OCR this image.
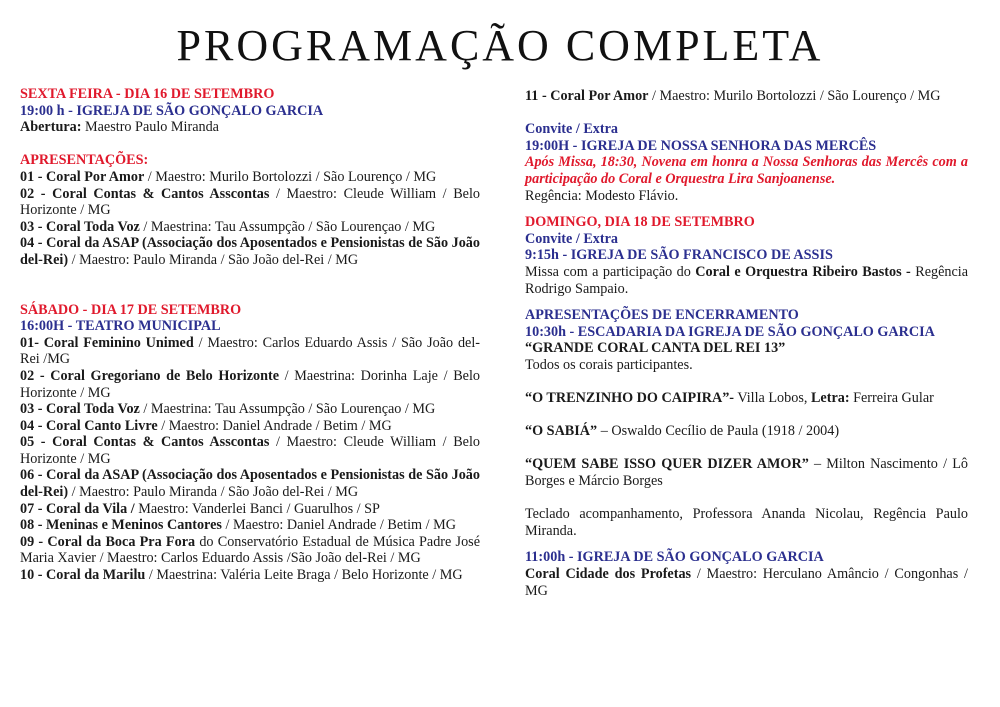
PROGRAMAÇÃO COMPLETA
SEXTA FEIRA - DIA 16 DE SETEMBRO
19:00 h - IGREJA DE SÃO GONÇALO GARCIA
Abertura: Maestro Paulo Miranda
APRESENTAÇÕES:
01 - Coral Por Amor / Maestro: Murilo Bortolozzi / São Lourenço / MG
02 - Coral Contas & Cantos Asscontas / Maestro: Cleude William / Belo Horizonte / MG
03 - Coral Toda Voz / Maestrina: Tau Assumpção / São Lourençao / MG
04 - Coral da ASAP (Associação dos Aposentados e Pensionistas de São João del-Rei) / Maestro: Paulo Miranda / São João del-Rei / MG
SÁBADO - DIA 17 DE SETEMBRO
16:00H - TEATRO MUNICIPAL
01- Coral Feminino Unimed / Maestro: Carlos Eduardo Assis / São João del-Rei /MG
02 - Coral Gregoriano de Belo Horizonte / Maestrina: Dorinha Laje / Belo Horizonte / MG
03 - Coral Toda Voz / Maestrina: Tau Assumpção / São Lourençao / MG
04 - Coral Canto Livre / Maestro: Daniel Andrade / Betim / MG
05 - Coral Contas & Cantos Asscontas / Maestro: Cleude William / Belo Horizonte / MG
06 - Coral da ASAP (Associação dos Aposentados e Pensionistas de São João del-Rei) / Maestro: Paulo Miranda / São João del-Rei / MG
07 - Coral da Vila / Maestro: Vanderlei Banci / Guarulhos / SP
08 - Meninas e Meninos Cantores / Maestro: Daniel Andrade / Betim / MG
09 - Coral da Boca Pra Fora do Conservatório Estadual de Música Padre José Maria Xavier / Maestro: Carlos Eduardo Assis /São João del-Rei / MG
10 - Coral da Marilu / Maestrina: Valéria Leite Braga / Belo Horizonte / MG
11 - Coral Por Amor / Maestro: Murilo Bortolozzi / São Lourenço / MG
Convite / Extra
19:00H - IGREJA DE NOSSA SENHORA DAS MERCÊS
Após Missa, 18:30, Novena em honra a Nossa Senhoras das Mercês com a participação do Coral e Orquestra Lira Sanjoanense.
Regência: Modesto Flávio.
DOMINGO, DIA 18 DE SETEMBRO
Convite / Extra
9:15h - IGREJA DE SÃO FRANCISCO DE ASSIS
Missa com a participação do Coral e Orquestra Ribeiro Bastos - Regência Rodrigo Sampaio.
APRESENTAÇÕES DE ENCERRAMENTO
10:30h - ESCADARIA DA IGREJA DE SÃO GONÇALO GARCIA
“GRANDE CORAL CANTA DEL REI 13”
Todos os corais participantes.
“O TRENZINHO DO CAIPIRA”- Villa Lobos, Letra: Ferreira Gular
“O SABIÁ” – Oswaldo Cecílio de Paula (1918 / 2004)
“QUEM SABE ISSO QUER DIZER AMOR” – Milton Nascimento / Lô Borges e Márcio Borges
Teclado acompanhamento, Professora Ananda Nicolau, Regência Paulo Miranda.
11:00h - IGREJA DE SÃO GONÇALO GARCIA
Coral Cidade dos Profetas / Maestro: Herculano Amâncio / Congonhas / MG
